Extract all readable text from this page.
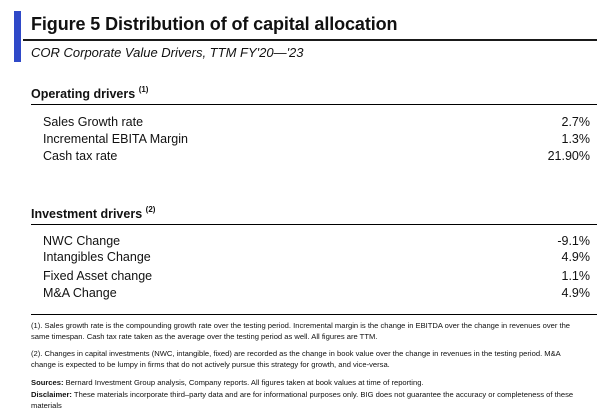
Figure 5 Distribution of of capital allocation
COR Corporate Value Drivers, TTM FY'20—'23
Operating drivers $^{(1)}$
Sales Growth rate	2.7%
Incremental EBITA Margin	1.3%
Cash tax rate	21.90%
Investment drivers $^{(2)}$
NWC Change	-9.1%
Intangibles Change	4.9%
Fixed Asset change	1.1%
M&A Change	4.9%
(1). Sales growth rate is the compounding growth rate over the testing period. Incremental margin is the change in EBITDA over the change in revenues over the same timespan. Cash tax rate taken as the average over the testing period as well. All figures are TTM.
(2). Changes in capital investments (NWC, intangible, fixed) are recorded as the change in book value over the change in revenues in the testing period. M&A change is expected to be lumpy in firms that do not actively pursue this strategy for growth, and vice-versa.
Sources: Bernard Investment Group analysis, Company reports. All figures taken at book values at time of reporting.
Disclaimer: These materials incorporate third–party data and are for informational purposes only. BIG does not guarantee the accuracy or completeness of these materials
